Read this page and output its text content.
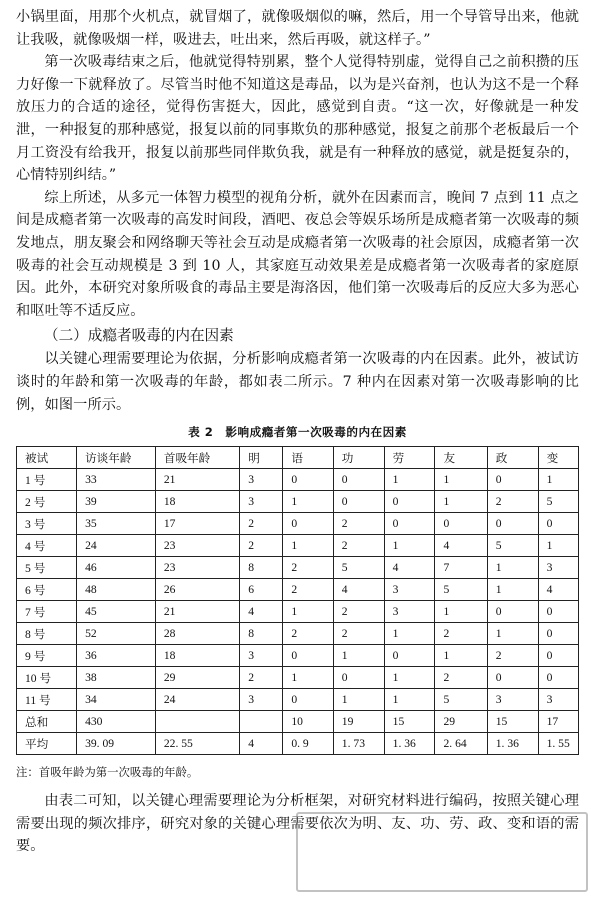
小锅里面，用那个火机点，就冒烟了，就像吸烟似的嘛，然后，用一个导管导出来，他就让我吸，就像吸烟一样，吸进去，吐出来，然后再吸，就这样子。”

第一次吸毒结束之后，他就觉得特别累，整个人觉得特别虚，觉得自己之前积攒的压力好像一下就释放了。尽管当时他不知道这是毒品，以为是兴奋剂，也认为这不是一个释放压力的合适的途径，觉得伤害挺大，因此，感觉到自责。“这一次，好像就是一种发泄，一种报复的那种感觉，报复以前的同事欺负的那种感觉，报复之前那个老板最后一个月工资没有给我开，报复以前那些同伴欺负我，就是有一种释放的感觉，就是挺复杂的，心情特别纠结。”

综上所述，从多元一体智力模型的视角分析，就外在因素而言，晚间 7 点到 11 点之间是成瘾者第一次吸毒的高发时间段，酒吧、夜总会等娱乐场所是成瘾者第一次吸毒的频发地点，朋友聚会和网络聊天等社会互动是成瘾者第一次吸毒的社会原因，成瘾者第一次吸毒的社会互动规模是 3 到 10 人，其家庭互动效果差是成瘾者第一次吸毒者的家庭原因。此外，本研究对象所吸食的毒品主要是海洛因，他们第一次吸毒后的反应大多为恶心和呕吐等不适反应。

（二）成瘾者吸毒的内在因素

以关键心理需要理论为依据，分析影响成瘾者第一次吸毒的内在因素。此外，被试访谈时的年龄和第一次吸毒的年龄，都如表二所示。7 种内在因素对第一次吸毒影响的比例，如图一所示。

表 2　影响成瘾者第一次吸毒的内在因素
被试	访谈年龄	首吸年龄	明	语	功	劳	友	政	变
1 号	33	21	3	0	0	1	1	0	1
2 号	39	18	3	1	0	0	1	2	5
3 号	35	17	2	0	2	0	0	0	0
4 号	24	23	2	1	2	1	4	5	1
5 号	46	23	8	2	5	4	7	1	3
6 号	48	26	6	2	4	3	5	1	4
7 号	45	21	4	1	2	3	1	0	0
8 号	52	28	8	2	2	1	2	1	0
9 号	36	18	3	0	1	0	1	2	0
10 号	38	29	2	1	0	1	2	0	0
11 号	34	24	3	0	1	1	5	3	3
总和	430			10	19	15	29	15	17
平均	39. 09	22. 55	4	0. 9	1. 73	1. 36	2. 64	1. 36	1. 55
注：首吸年龄为第一次吸毒的年龄。

由表二可知，以关键心理需要理论为分析框架，对研究材料进行编码，按照关键心理需要出现的频次排序，研究对象的关键心理需要依次为明、友、功、劳、政、变和语的需要。
